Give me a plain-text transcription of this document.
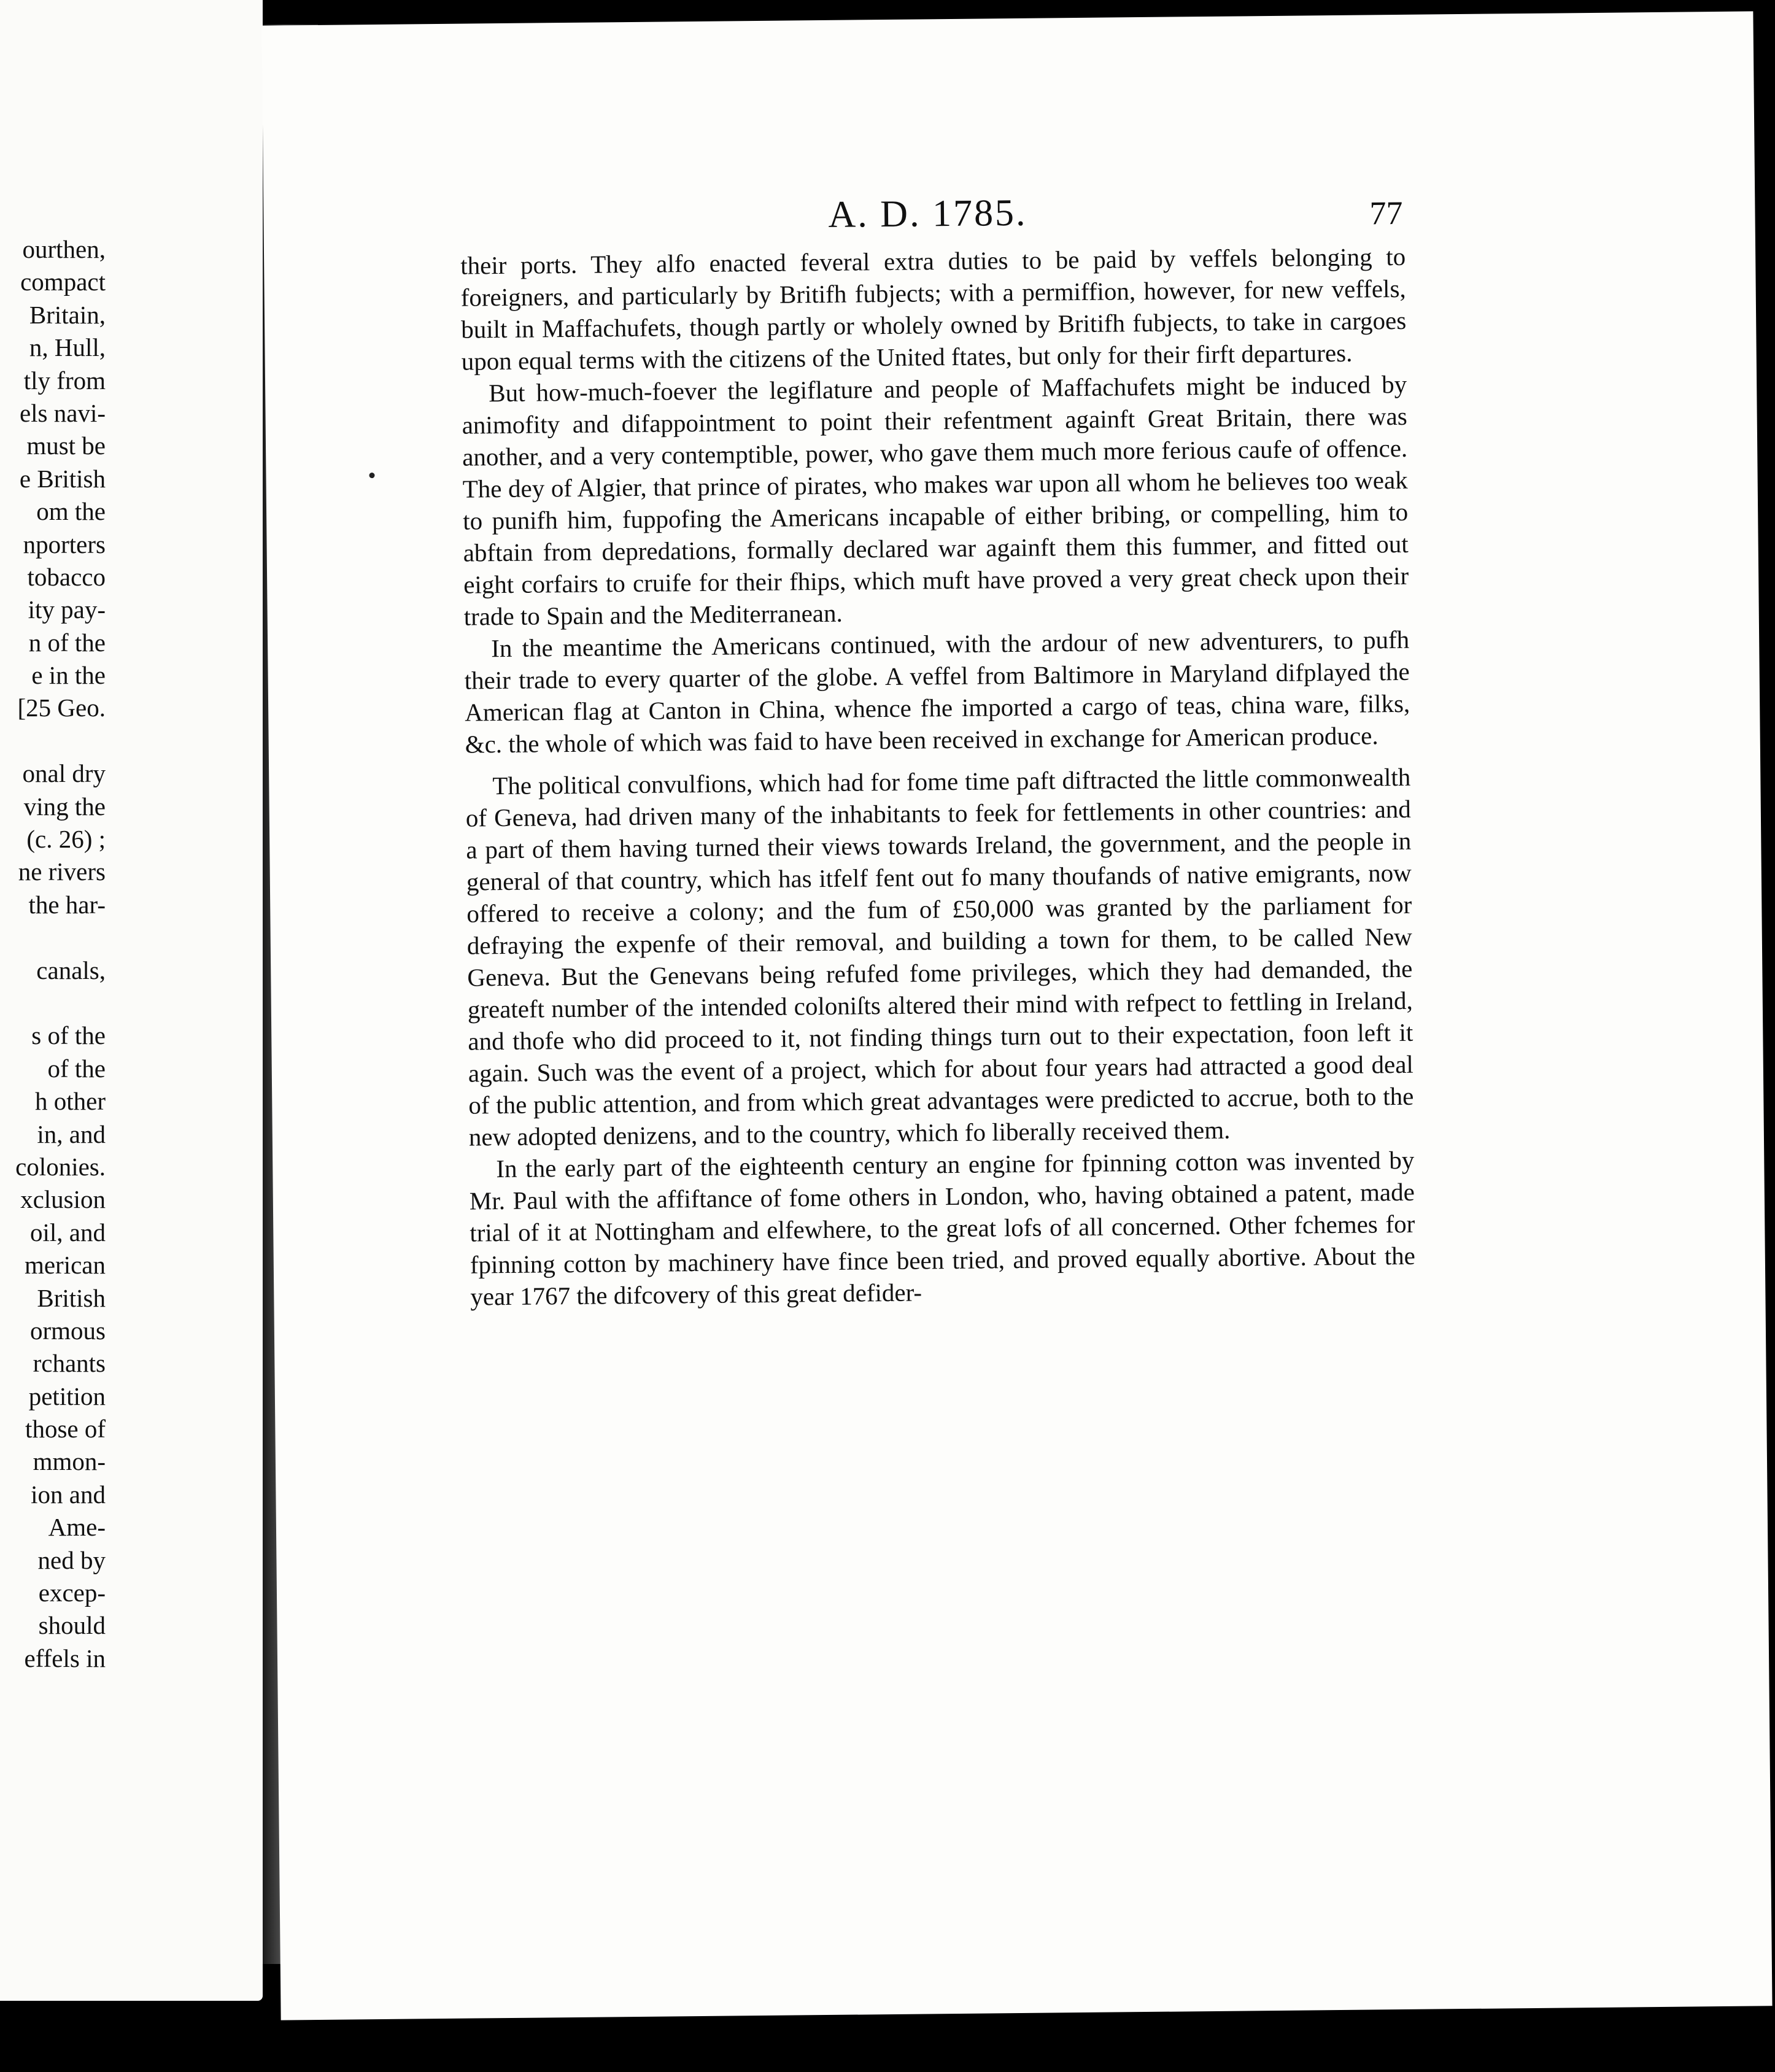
ourthen,
compact
Britain,
n, Hull,
tly from
els navi-
must be
e British
om the
nporters
tobacco
ity pay-
n of the
e in the
[25 Geo.
onal dry
ving the
(c. 26) ;
ne rivers
the har-
canals,
s of the
of the
h other
in, and
colonies.
xclusion
oil, and
merican
British
ormous
rchants
petition
those of
mmon-
ion and
Ame-
ned by
excep-
should
effels in
A. D. 1785.	77

their ports. They alfo enacted feveral extra duties to be paid by veffels belonging to foreigners, and particularly by Britifh fubjects; with a permiffion, however, for new veffels, built in Maffachufets, though partly or wholely owned by Britifh fubjects, to take in cargoes upon equal terms with the citizens of the United ftates, but only for their firft departures.

But how-much-foever the legiflature and people of Maffachufets might be induced by animofity and difappointment to point their refentment againft Great Britain, there was another, and a very contemptible, power, who gave them much more ferious caufe of offence. The dey of Algier, that prince of pirates, who makes war upon all whom he believes too weak to punifh him, fuppofing the Americans incapable of either bribing, or compelling, him to abftain from depredations, formally declared war againft them this fummer, and fitted out eight corfairs to cruife for their fhips, which muft have proved a very great check upon their trade to Spain and the Mediterranean.

In the meantime the Americans continued, with the ardour of new adventurers, to pufh their trade to every quarter of the globe. A veffel from Baltimore in Maryland difplayed the American flag at Canton in China, whence fhe imported a cargo of teas, china ware, filks, &c. the whole of which was faid to have been received in exchange for American produce.

The political convulfions, which had for fome time paft diftracted the little commonwealth of Geneva, had driven many of the inhabitants to feek for fettlements in other countries: and a part of them having turned their views towards Ireland, the government, and the people in general of that country, which has itfelf fent out fo many thoufands of native emigrants, now offered to receive a colony; and the fum of £50,000 was granted by the parliament for defraying the expenfe of their removal, and building a town for them, to be called New Geneva. But the Genevans being refufed fome privileges, which they had demanded, the greateft number of the intended coloniſts altered their mind with refpect to fettling in Ireland, and thofe who did proceed to it, not finding things turn out to their expectation, foon left it again. Such was the event of a project, which for about four years had attracted a good deal of the public attention, and from which great advantages were predicted to accrue, both to the new adopted denizens, and to the country, which fo liberally received them.

In the early part of the eighteenth century an engine for fpinning cotton was invented by Mr. Paul with the affiftance of fome others in London, who, having obtained a patent, made trial of it at Nottingham and elfewhere, to the great lofs of all concerned. Other fchemes for fpinning cotton by machinery have fince been tried, and proved equally abortive. About the year 1767 the difcovery of this great defider-
